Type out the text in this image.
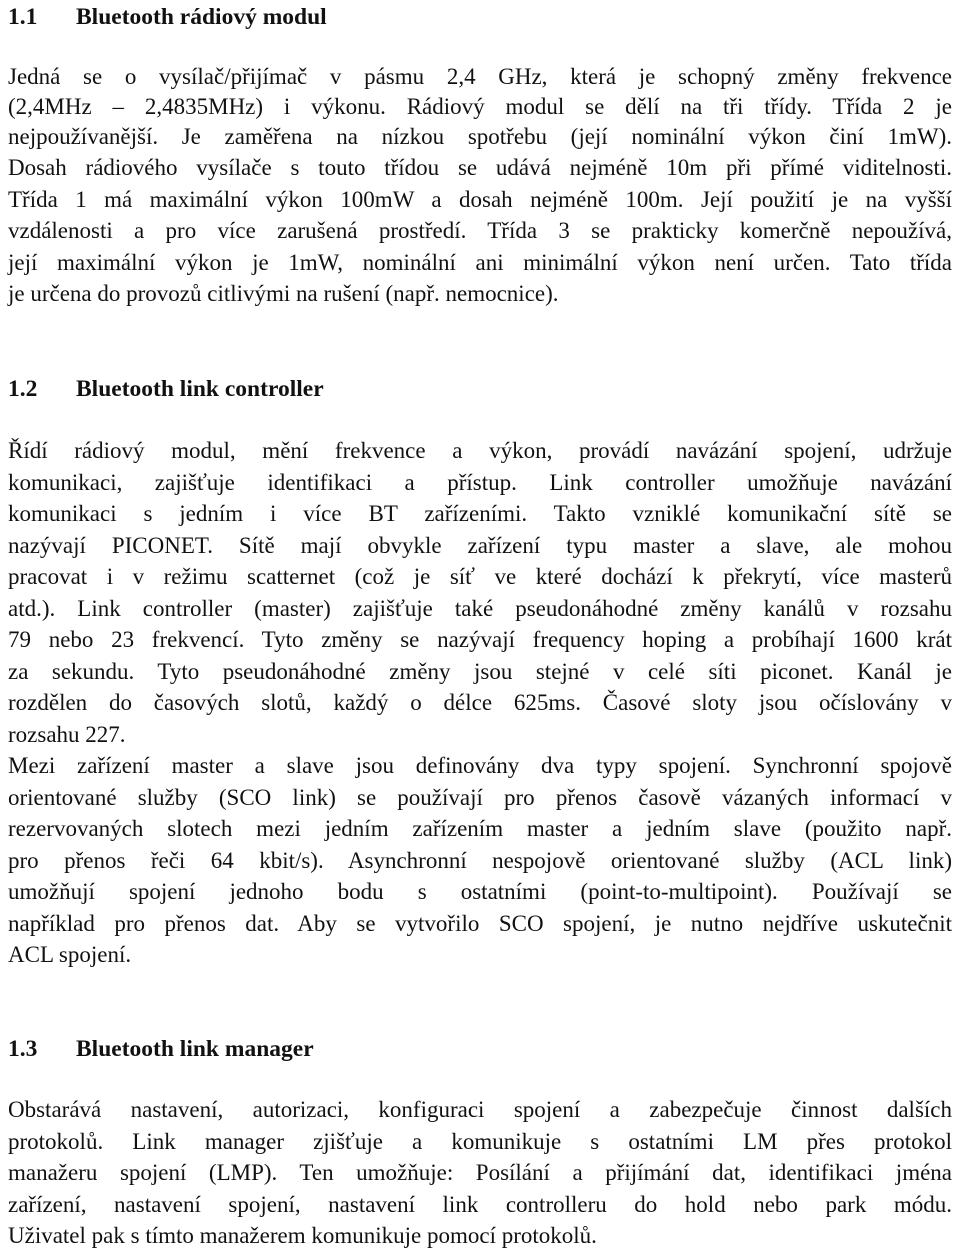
1.1 Bluetooth rádiový modul
Jedná se o vysílač/přijímač v pásmu 2,4 GHz, která je schopný změny frekvence
(2,4MHz – 2,4835MHz) i výkonu. Rádiový modul se dělí na tři třídy. Třída 2 je
nejpoužívanější. Je zaměřena na nízkou spotřebu (její nominální výkon činí 1mW).
Dosah rádiového vysílače s touto třídou se udává nejméně 10m při přímé viditelnosti.
Třída 1 má maximální výkon 100mW a dosah nejméně 100m. Její použití je na vyšší
vzdálenosti a pro více zarušená prostředí. Třída 3 se prakticky komerčně nepoužívá,
její maximální výkon je 1mW, nominální ani minimální výkon není určen. Tato třída
je určena do provozů citlivými na rušení (např. nemocnice).
1.2 Bluetooth link controller
Řídí rádiový modul, mění frekvence a výkon, provádí navázání spojení, udržuje
komunikaci, zajišťuje identifikaci a přístup. Link controller umožňuje navázání
komunikaci s jedním i více BT zařízeními. Takto vzniklé komunikační sítě se
nazývají PICONET. Sítě mají obvykle zařízení typu master a slave, ale mohou
pracovat i v režimu scatternet (což je síť ve které dochází k překrytí, více masterů
atd.). Link controller (master) zajišťuje také pseudonáhodné změny kanálů v rozsahu
79 nebo 23 frekvencí. Tyto změny se nazývají frequency hoping a probíhají 1600 krát
za sekundu. Tyto pseudonáhodné změny jsou stejné v celé síti piconet. Kanál je
rozdělen do časových slotů, každý o délce 625ms. Časové sloty jsou očíslovány v
rozsahu 227.
Mezi zařízení master a slave jsou definovány dva typy spojení. Synchronní spojově
orientované služby (SCO link) se používají pro přenos časově vázaných informací v
rezervovaných slotech mezi jedním zařízením master a jedním slave (použito např.
pro přenos řeči 64 kbit/s). Asynchronní nespojově orientované služby (ACL link)
umožňují spojení jednoho bodu s ostatními (point-to-multipoint). Používají se
například pro přenos dat. Aby se vytvořilo SCO spojení, je nutno nejdříve uskutečnit
ACL spojení.
1.3 Bluetooth link manager
Obstarává nastavení, autorizaci, konfiguraci spojení a zabezpečuje činnost dalších
protokolů. Link manager zjišťuje a komunikuje s ostatními LM přes protokol
manažeru spojení (LMP). Ten umožňuje: Posílání a přijímání dat, identifikaci jména
zařízení, nastavení spojení, nastavení link controlleru do hold nebo park módu.
Uživatel pak s tímto manažerem komunikuje pomocí protokolů.
